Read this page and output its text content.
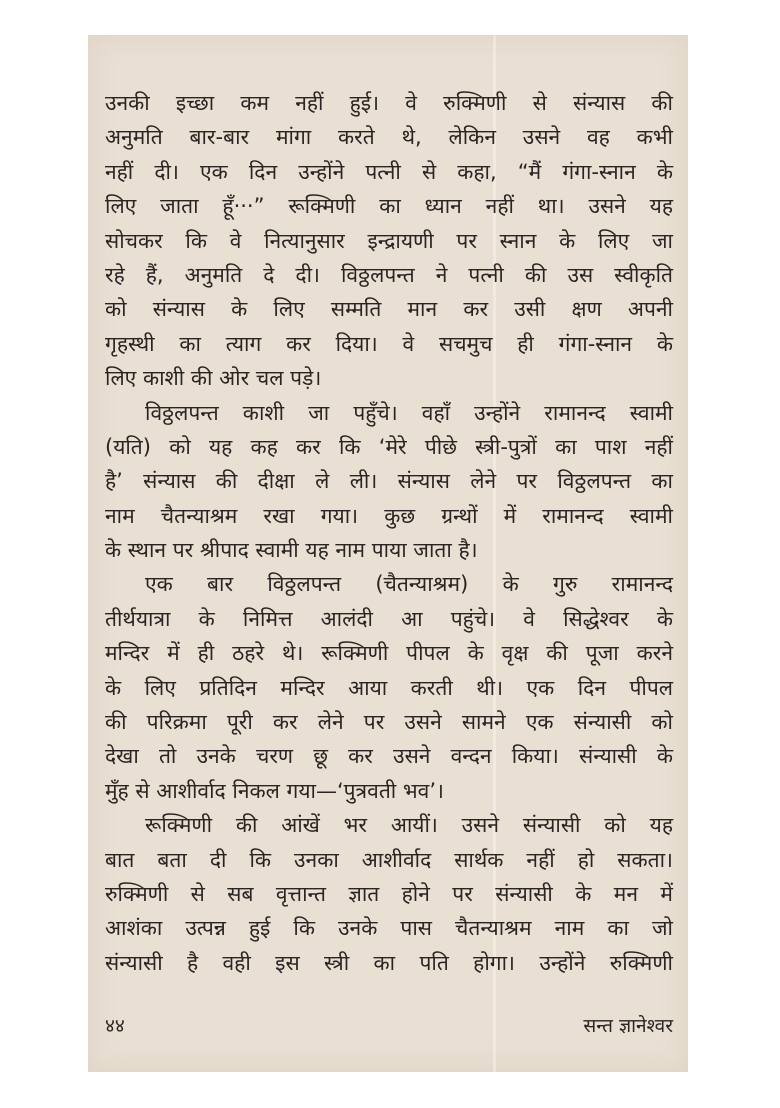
उनकी इच्छा कम नहीं हुई। वे रुक्मिणी से संन्यास की
अनुमति बार-बार मांगा करते थे, लेकिन उसने वह कभी
नहीं दी। एक दिन उन्होंने पत्नी से कहा, “मैं गंगा-स्नान के
लिए जाता हूँ···” रूक्मिणी का ध्यान नहीं था। उसने यह
सोचकर कि वे नित्यानुसार इन्द्रायणी पर स्नान के लिए जा
रहे हैं, अनुमति दे दी। विठ्ठलपन्त ने पत्नी की उस स्वीकृति
को संन्यास के लिए सम्मति मान कर उसी क्षण अपनी
गृहस्थी का त्याग कर दिया। वे सचमुच ही गंगा-स्नान के
लिए काशी की ओर चल पड़े।
विठ्ठलपन्त काशी जा पहुँचे। वहाँ उन्होंने रामानन्द स्वामी
(यति) को यह कह कर कि ‘मेरे पीछे स्त्री-पुत्रों का पाश नहीं
है’ संन्यास की दीक्षा ले ली। संन्यास लेने पर विठ्ठलपन्त का
नाम चैतन्याश्रम रखा गया। कुछ ग्रन्थों में रामानन्द स्वामी
के स्थान पर श्रीपाद स्वामी यह नाम पाया जाता है।
एक बार विठ्ठलपन्त (चैतन्याश्रम) के गुरु रामानन्द
तीर्थयात्रा के निमित्त आलंदी आ पहुंचे। वे सिद्धेश्वर के
मन्दिर में ही ठहरे थे। रूक्मिणी पीपल के वृक्ष की पूजा करने
के लिए प्रतिदिन मन्दिर आया करती थी। एक दिन पीपल
की परिक्रमा पूरी कर लेने पर उसने सामने एक संन्यासी को
देखा तो उनके चरण छू कर उसने वन्दन किया। संन्यासी के
मुँह से आशीर्वाद निकल गया—‘पुत्रवती भव’।
रूक्मिणी की आंखें भर आयीं। उसने संन्यासी को यह
बात बता दी कि उनका आशीर्वाद सार्थक नहीं हो सकता।
रुक्मिणी से सब वृत्तान्त ज्ञात होने पर संन्यासी के मन में
आशंका उत्पन्न हुई कि उनके पास चैतन्याश्रम नाम का जो
संन्यासी है वही इस स्त्री का पति होगा। उन्होंने रुक्मिणी
४४	सन्त ज्ञानेश्वर
